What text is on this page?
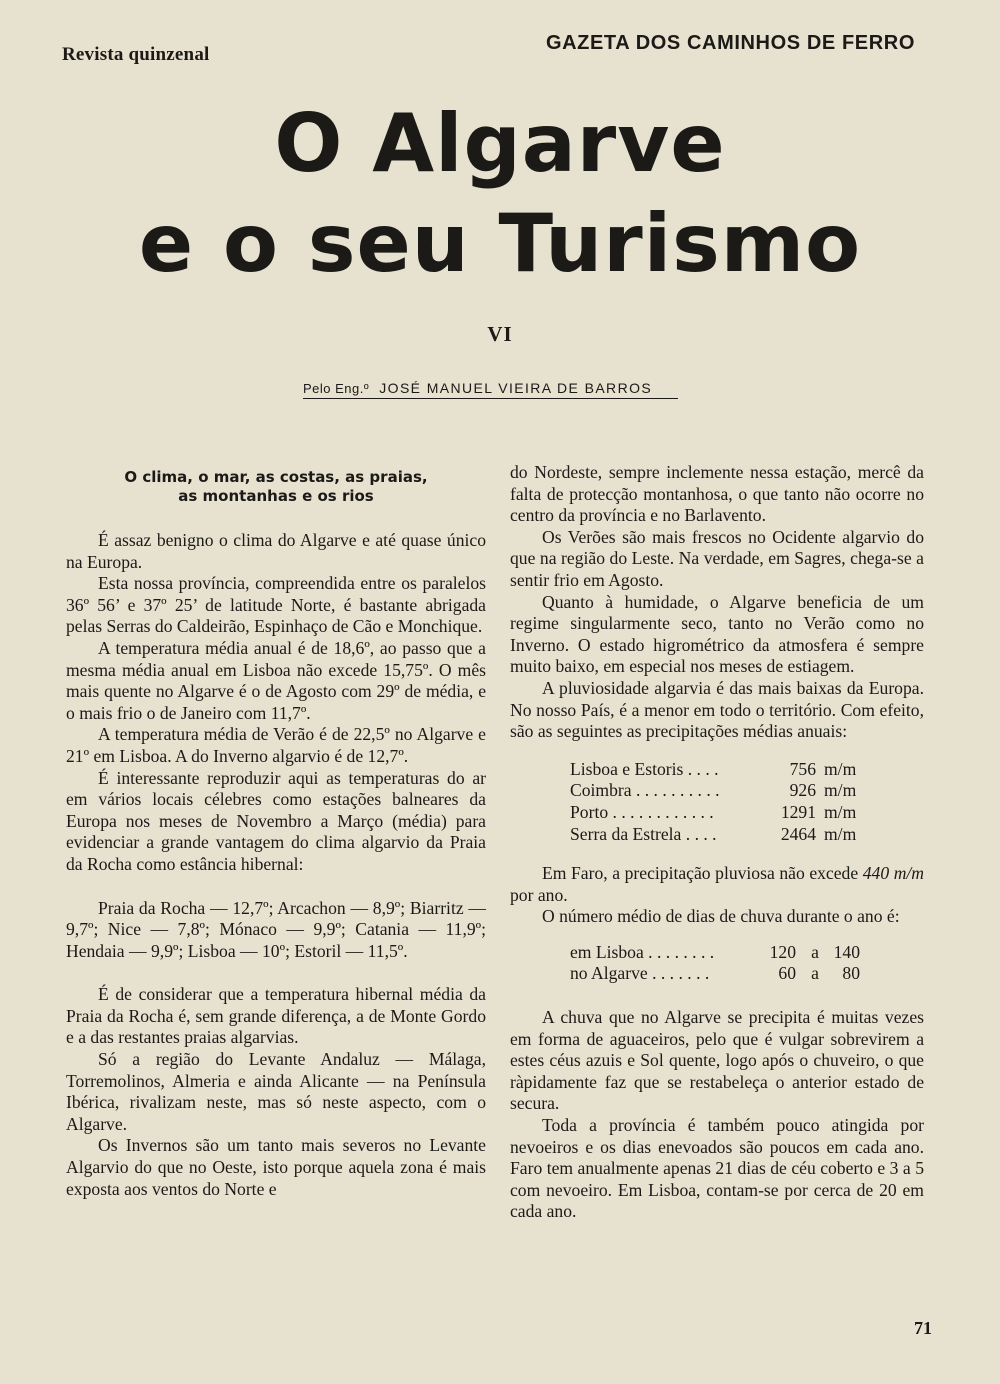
Revista quinzenal
GAZETA DOS CAMINHOS DE FERRO
O Algarve
e o seu Turismo
VI
Pelo Eng.º JOSÉ MANUEL VIEIRA DE BARROS
O clima, o mar, as costas, as praias,
as montanhas e os rios

É assaz benigno o clima do Algarve e até quase único na Europa.

Esta nossa província, compreendida entre os paralelos 36º 56’ e 37º 25’ de latitude Norte, é bastante abrigada pelas Serras do Caldeirão, Espinhaço de Cão e Monchique.

A temperatura média anual é de 18,6º, ao passo que a mesma média anual em Lisboa não excede 15,75º. O mês mais quente no Algarve é o de Agosto com 29º de média, e o mais frio o de Janeiro com 11,7º.

A temperatura média de Verão é de 22,5º no Algarve e 21º em Lisboa. A do Inverno algarvio é de 12,7º.

É interessante reproduzir aqui as temperaturas do ar em vários locais célebres como estações balneares da Europa nos meses de Novembro a Março (média) para evidenciar a grande vantagem do clima algarvio da Praia da Rocha como estância hibernal:

Praia da Rocha — 12,7º; Arcachon — 8,9º; Biarritz — 9,7º; Nice — 7,8º; Mónaco — 9,9º; Catania — 11,9º; Hendaia — 9,9º; Lisboa — 10º; Estoril — 11,5º.

É de considerar que a temperatura hibernal média da Praia da Rocha é, sem grande diferença, a de Monte Gordo e a das restantes praias algarvias.

Só a região do Levante Andaluz — Málaga, Torremolinos, Almeria e ainda Alicante — na Península Ibérica, rivalizam neste, mas só neste aspecto, com o Algarve.

Os Invernos são um tanto mais severos no Levante Algarvio do que no Oeste, isto porque aquela zona é mais exposta aos ventos do Norte e

do Nordeste, sempre inclemente nessa estação, mercê da falta de protecção montanhosa, o que tanto não ocorre no centro da província e no Barlavento.

Os Verões são mais frescos no Ocidente algarvio do que na região do Leste. Na verdade, em Sagres, chega-se a sentir frio em Agosto.

Quanto à humidade, o Algarve beneficia de um regime singularmente seco, tanto no Verão como no Inverno. O estado higrométrico da atmosfera é sempre muito baixo, em especial nos meses de estiagem.

A pluviosidade algarvia é das mais baixas da Europa. No nosso País, é a menor em todo o território. Com efeito, são as seguintes as precipitações médias anuais:

Lisboa e Estoris . . . .	756	m/m
Coimbra . . . . . . . . . .	926	m/m
Porto . . . . . . . . . . . .	1291	m/m
Serra da Estrela . . . .	2464	m/m

Em Faro, a precipitação pluviosa não excede 440 m/m por ano.

O número médio de dias de chuva durante o ano é:

em Lisboa . . . . . . . .	120	a	140
no Algarve . . . . . . .	60	a	80

A chuva que no Algarve se precipita é muitas vezes em forma de aguaceiros, pelo que é vulgar sobrevirem a estes céus azuis e Sol quente, logo após o chuveiro, o que ràpidamente faz que se restabeleça o anterior estado de secura.

Toda a província é também pouco atingida por nevoeiros e os dias enevoados são poucos em cada ano. Faro tem anualmente apenas 21 dias de céu coberto e 3 a 5 com nevoeiro. Em Lisboa, contam-se por cerca de 20 em cada ano.

71
